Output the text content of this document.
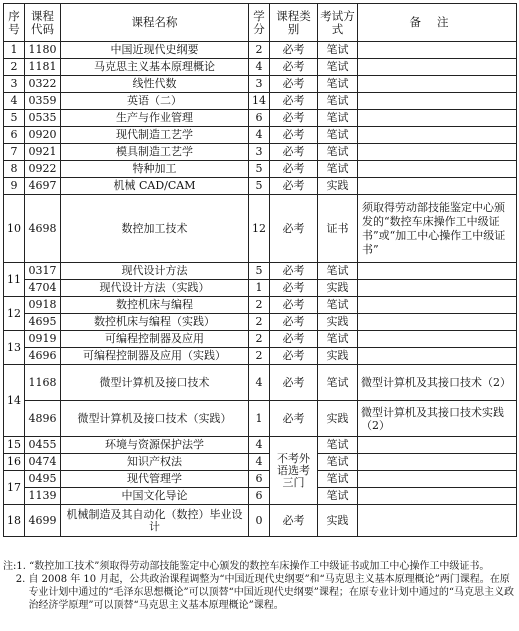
序号	课程代码	课程名称	学分	课程类别	考试方式	备注
1	1180	中国近现代史纲要	2	必考	笔试	
2	1181	马克思主义基本原理概论	4	必考	笔试	
3	0322	线性代数	3	必考	笔试	
4	0359	英语（二）	14	必考	笔试	
5	0535	生产与作业管理	6	必考	笔试	
6	0920	现代制造工艺学	4	必考	笔试	
7	0921	模具制造工艺学	3	必考	笔试	
8	0922	特种加工	5	必考	笔试	
9	4697	机械 CAD/CAM	5	必考	实践	
10	4698	数控加工技术	12	必考	证书	须取得劳动部技能鉴定中心颁发的“数控车床操作工中级证书”或“加工中心操作工中级证书”
11	0317	现代设计方法	5	必考	笔试	
	4704	现代设计方法（实践）	1	必考	实践	
12	0918	数控机床与编程	2	必考	笔试	
	4695	数控机床与编程（实践）	2	必考	实践	
13	0919	可编程控制器及应用	2	必考	笔试	
	4696	可编程控制器及应用（实践）	2	必考	实践	
14	1168	微型计算机及接口技术	4	必考	笔试	微型计算机及其接口技术（2）
	4896	微型计算机及接口技术（实践）	1	必考	实践	微型计算机及其接口技术实践（2）
15	0455	环境与资源保护法学	4	不考外语选考三门	笔试	
16	0474	知识产权法	4		笔试	
17	0495	现代管理学	6		笔试	
	1139	中国文化导论	6		笔试	
18	4699	机械制造及其自动化（数控）毕业设计	0	必考	实践	
注:1. “数控加工技术”须取得劳动部技能鉴定中心颁发的数控车床操作工中级证书或加工中心操作工中级证书。
2. 自 2008 年 10 月起，公共政治课程调整为“中国近现代史纲要”和“马克思主义基本原理概论”两门课程。在原专业计划中通过的“毛泽东思想概论”可以顶替“中国近现代史纲要”课程；在原专业计划中通过的“马克思主义政治经济学原理”可以顶替“马克思主义基本原理概论”课程。
